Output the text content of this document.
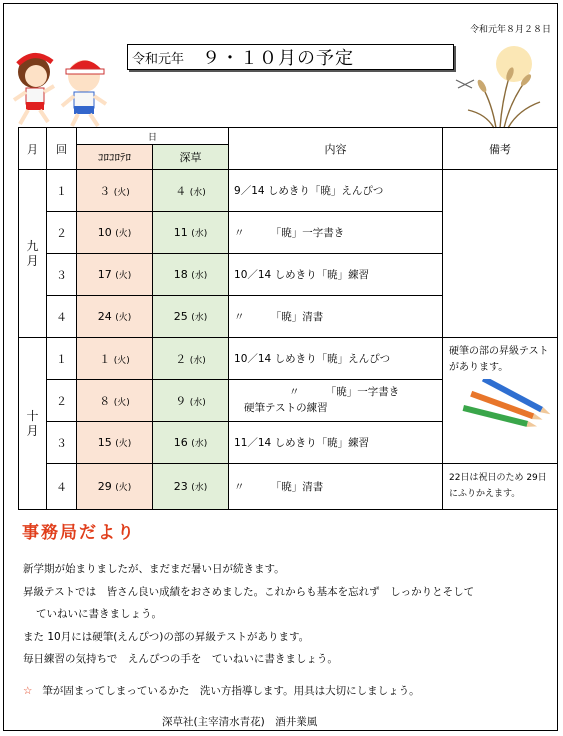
令和元年８月２８日
令和元年 ９・１０月の予定
月	回	日		内容	備考
		ｺﾛｺﾛﾃﾛ	深草		
九月	１	３ (火)	４ (水)	9／14 しめきり「暁」えんぴつ	
	２	10 (火)	11 (水)	〃　　　「暁」一字書き	
	３	17 (火)	18 (水)	10／14 しめきり「暁」練習	
	４	24 (火)	25 (水)	〃　　　「暁」清書	
十月	１	１ (火)	２ (水)	10／14 しめきり「暁」えんぴつ	硬筆の部の昇級テストがあります。

	２	８ (火)	９ (水)	〃　　　「暁」一字書き
硬筆テストの練習	

	３	15 (火)	16 (水)	11／14 しめきり「暁」練習	
	４	29 (火)	23 (水)	〃　　　「暁」清書	22日は祝日のため 29日にふりかえます。
事務局だより

新学期が始まりましたが、まだまだ暑い日が続きます。

昇級テストでは　皆さん良い成績をおさめました。これからも基本を忘れず　しっかりとそして

ていねいに書きましょう。

また 10月には硬筆(えんぴつ)の部の昇級テストがあります。

毎日練習の気持ちで　えんぴつの手を　ていねいに書きましょう。

☆ 筆が固まってしまっているかた　洗い方指導します。用具は大切にしましょう。
深草社(主宰清水青花)　酒井業風
